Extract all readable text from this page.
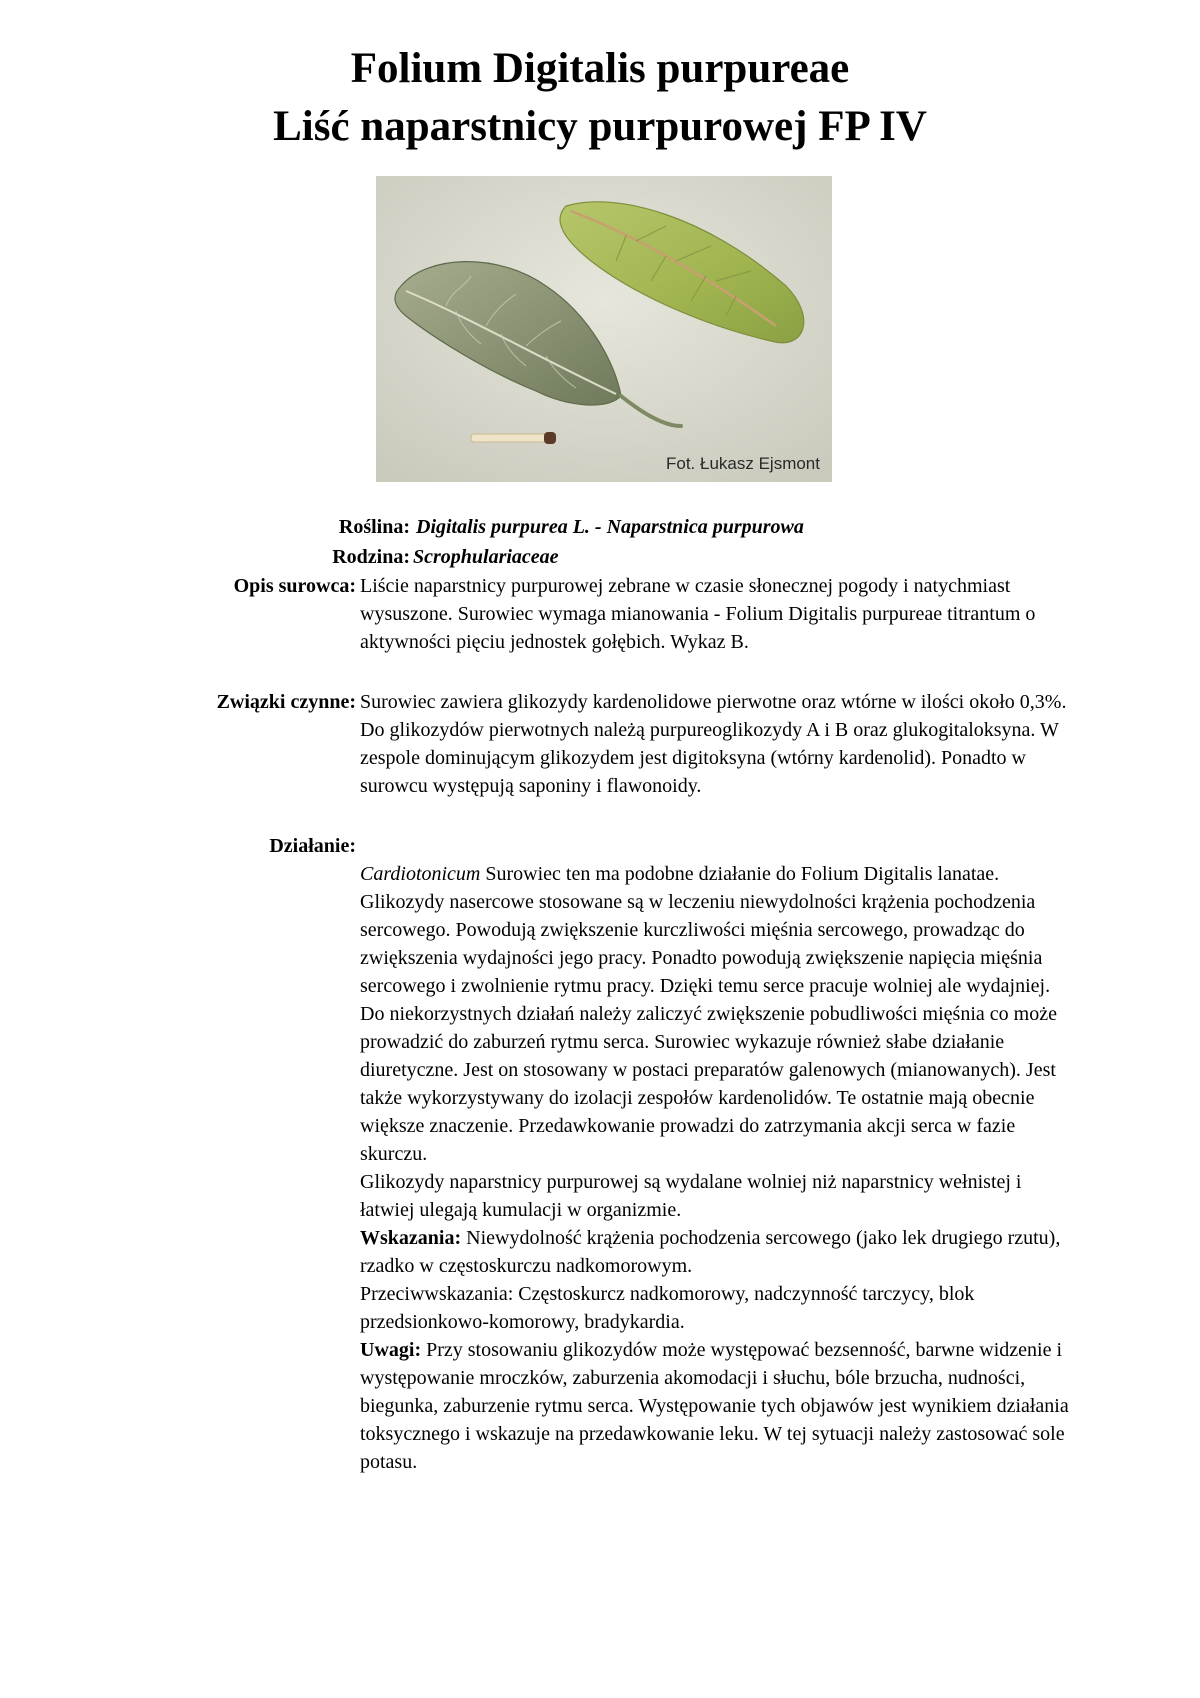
Folium Digitalis purpureae
Liść naparstnicy purpurowej FP IV
Fot. Łukasz Ejsmont
Roślina: Digitalis purpurea L. - Naparstnica purpurowa
Rodzina: Scrophulariaceae
Opis surowca: Liście naparstnicy purpurowej zebrane w czasie słonecznej pogody i natychmiast wysuszone. Surowiec wymaga mianowania - Folium Digitalis purpureae titrantum o aktywności pięciu jednostek gołębich. Wykaz B.

Związki czynne: Surowiec zawiera glikozydy kardenolidowe pierwotne oraz wtórne w ilości około 0,3%. Do glikozydów pierwotnych należą purpureoglikozydy A i B oraz glukogitaloksyna. W zespole dominującym glikozydem jest digitoksyna (wtórny kardenolid). Ponadto w surowcu występują saponiny i flawonoidy.

Działanie:

Cardiotonicum Surowiec ten ma podobne działanie do Folium Digitalis lanatae. Glikozydy nasercowe stosowane są w leczeniu niewydolności krążenia pochodzenia sercowego. Powodują zwiększenie kurczliwości mięśnia sercowego, prowadząc do zwiększenia wydajności jego pracy. Ponadto powodują zwiększenie napięcia mięśnia sercowego i zwolnienie rytmu pracy. Dzięki temu serce pracuje wolniej ale wydajniej. Do niekorzystnych działań należy zaliczyć zwiększenie pobudliwości mięśnia co może prowadzić do zaburzeń rytmu serca. Surowiec wykazuje również słabe działanie diuretyczne. Jest on stosowany w postaci preparatów galenowych (mianowanych). Jest także wykorzystywany do izolacji zespołów kardenolidów. Te ostatnie mają obecnie większe znaczenie. Przedawkowanie prowadzi do zatrzymania akcji serca w fazie skurczu.

Glikozydy naparstnicy purpurowej są wydalane wolniej niż naparstnicy wełnistej i łatwiej ulegają kumulacji w organizmie.

Wskazania: Niewydolność krążenia pochodzenia sercowego (jako lek drugiego rzutu), rzadko w częstoskurczu nadkomorowym.

Przeciwwskazania: Częstoskurcz nadkomorowy, nadczynność tarczycy, blok przedsionkowo-komorowy, bradykardia.

Uwagi: Przy stosowaniu glikozydów może występować bezsenność, barwne widzenie i występowanie mroczków, zaburzenia akomodacji i słuchu, bóle brzucha, nudności, biegunka, zaburzenie rytmu serca. Występowanie tych objawów jest wynikiem działania toksycznego i wskazuje na przedawkowanie leku. W tej sytuacji należy zastosować sole potasu.
